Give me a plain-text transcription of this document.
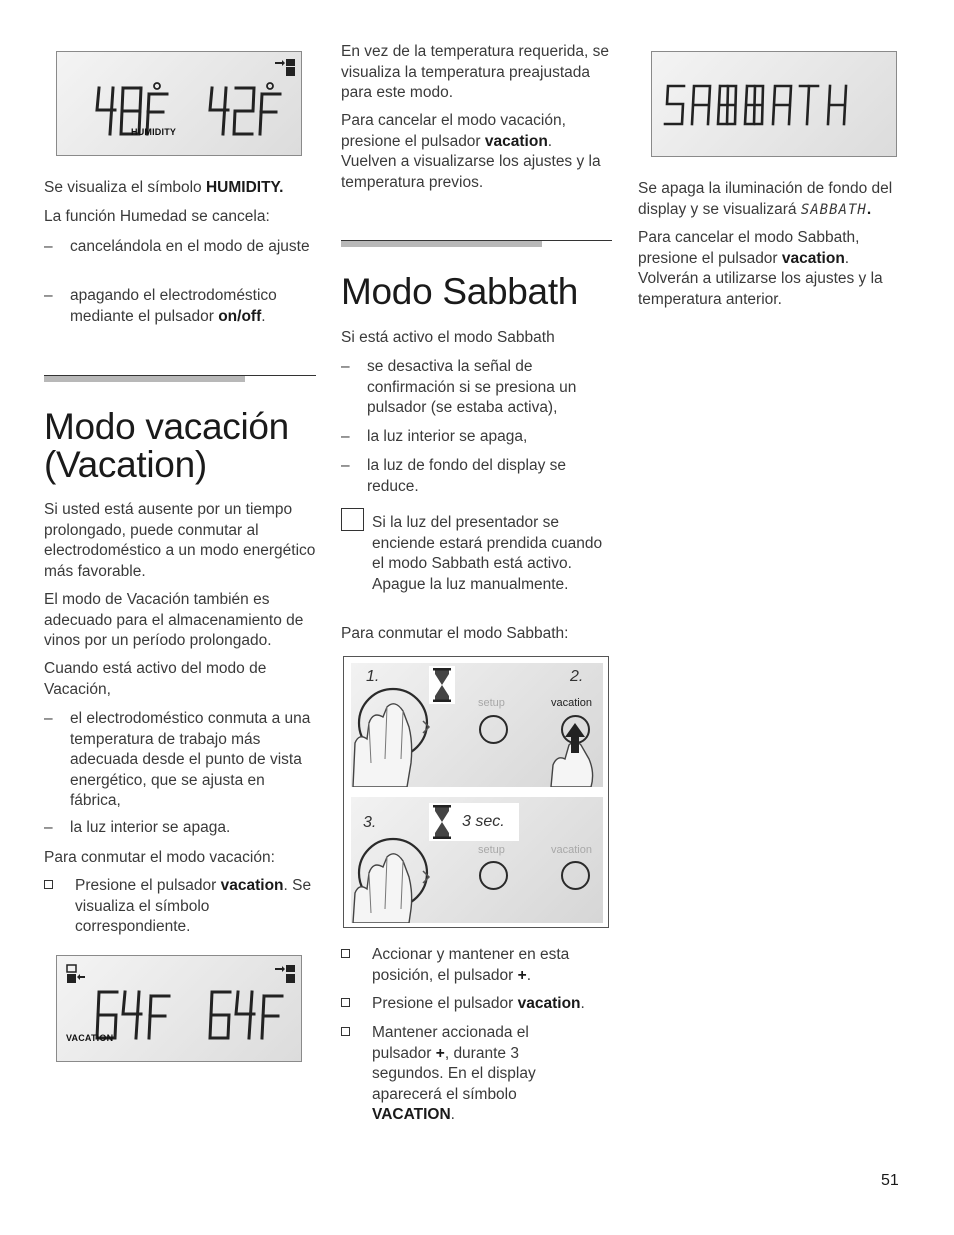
HUMIDITY

Se visualiza el símbolo HUMIDITY.

La función Humedad se cancela:

– cancelándola en el modo de ajuste
– apagando el electrodoméstico mediante el pulsador on/off.
Modo vacación (Vacation)

Si usted está ausente por un tiempo prolongado, puede conmutar al electrodoméstico a un modo energético más favorable.

El modo de Vacación también es adecuado para el almacenamiento de vinos por un período prolongado.

Cuando está activo del modo de Vacación,

– el electrodoméstico conmuta a una temperatura de trabajo más adecuada desde el punto de vista energético, que se ajusta en fábrica,
– la luz interior se apaga.

Para conmutar el modo vacación:

Presione el pulsador vacation. Se visualiza el símbolo correspondiente.
VACATION

En vez de la temperatura requerida, se visualiza la temperatura preajustada para este modo.

Para cancelar el modo vacación, presione el pulsador vacation. Vuelven a visualizarse los ajustes y la temperatura previos.

Modo Sabbath

Si está activo el modo Sabbath

– se desactiva la señal de confirmación si se presiona un pulsador (se estaba activa),
– la luz interior se apaga,
– la luz de fondo del display se reduce.

Si la luz del presentador se enciende estará prendida cuando el modo Sabbath está activo. Apague la luz manualmente.

Para conmutar el modo Sabbath:

1.	2.
setup	vacation
3.	3 sec.
setup	vacation
Accionar y mantener en esta posición, el pulsador +.
Presione el pulsador vacation.
Mantener accionada el pulsador +, durante 3 segundos. En el display aparecerá el símbolo VACATION.

Se apaga la iluminación de fondo del display y se visualizará SABBATH.

Para cancelar el modo Sabbath, presione el pulsador vacation. Volverán a utilizarse los ajustes y la temperatura anterior.

51
